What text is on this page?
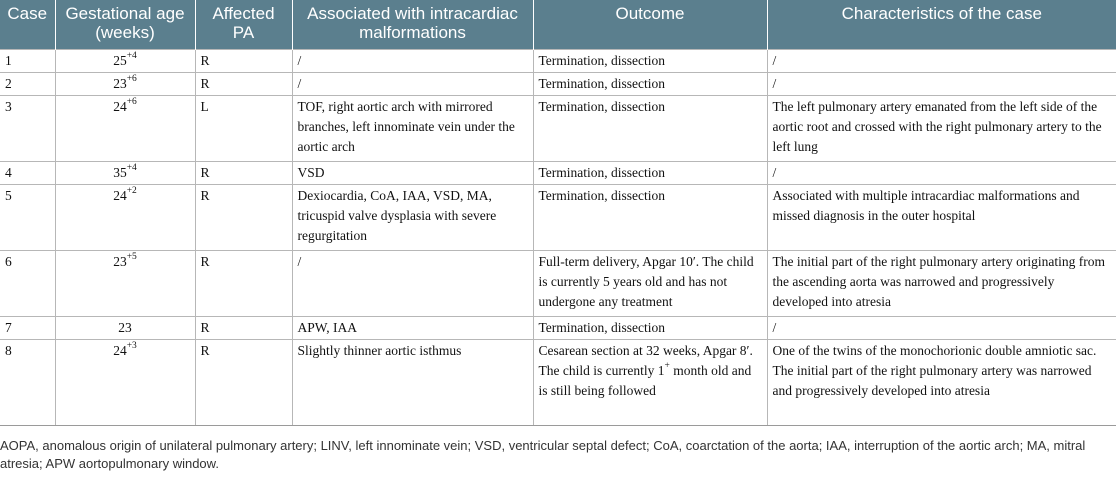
Case	Gestational age (weeks)	Affected PA	Associated with intracardiac malformations	Outcome	Characteristics of the case
1	$25^{+4}$	R	/	Termination, dissection	/
2	$23^{+6}$	R	/	Termination, dissection	/
3	$24^{+6}$	L	TOF, right aortic arch with mirrored branches, left innominate vein under the aortic arch	Termination, dissection	The left pulmonary artery emanated from the left side of the aortic root and crossed with the right pulmonary artery to the left lung
4	$35^{+4}$	R	VSD	Termination, dissection	/
5	$24^{+2}$	R	Dexiocardia, CoA, IAA, VSD, MA, tricuspid valve dysplasia with severe regurgitation	Termination, dissection	Associated with multiple intracardiac malformations and missed diagnosis in the outer hospital
6	$23^{+5}$	R	/	Full-term delivery, Apgar 10′. The child is currently 5 years old and has not undergone any treatment	The initial part of the right pulmonary artery originating from the ascending aorta was narrowed and progressively developed into atresia
7	23	R	APW, IAA	Termination, dissection	/
8	$24^{+3}$	R	Slightly thinner aortic isthmus	Cesarean section at 32 weeks, Apgar 8′. The child is currently 1+ month old and is still being followed	One of the twins of the monochorionic double amniotic sac. The initial part of the right pulmonary artery was narrowed and progressively developed into atresia
AOPA, anomalous origin of unilateral pulmonary artery; LINV, left innominate vein; VSD, ventricular septal defect; CoA, coarctation of the aorta; IAA, interruption of the aortic arch; MA, mitral atresia; APW aortopulmonary window.
